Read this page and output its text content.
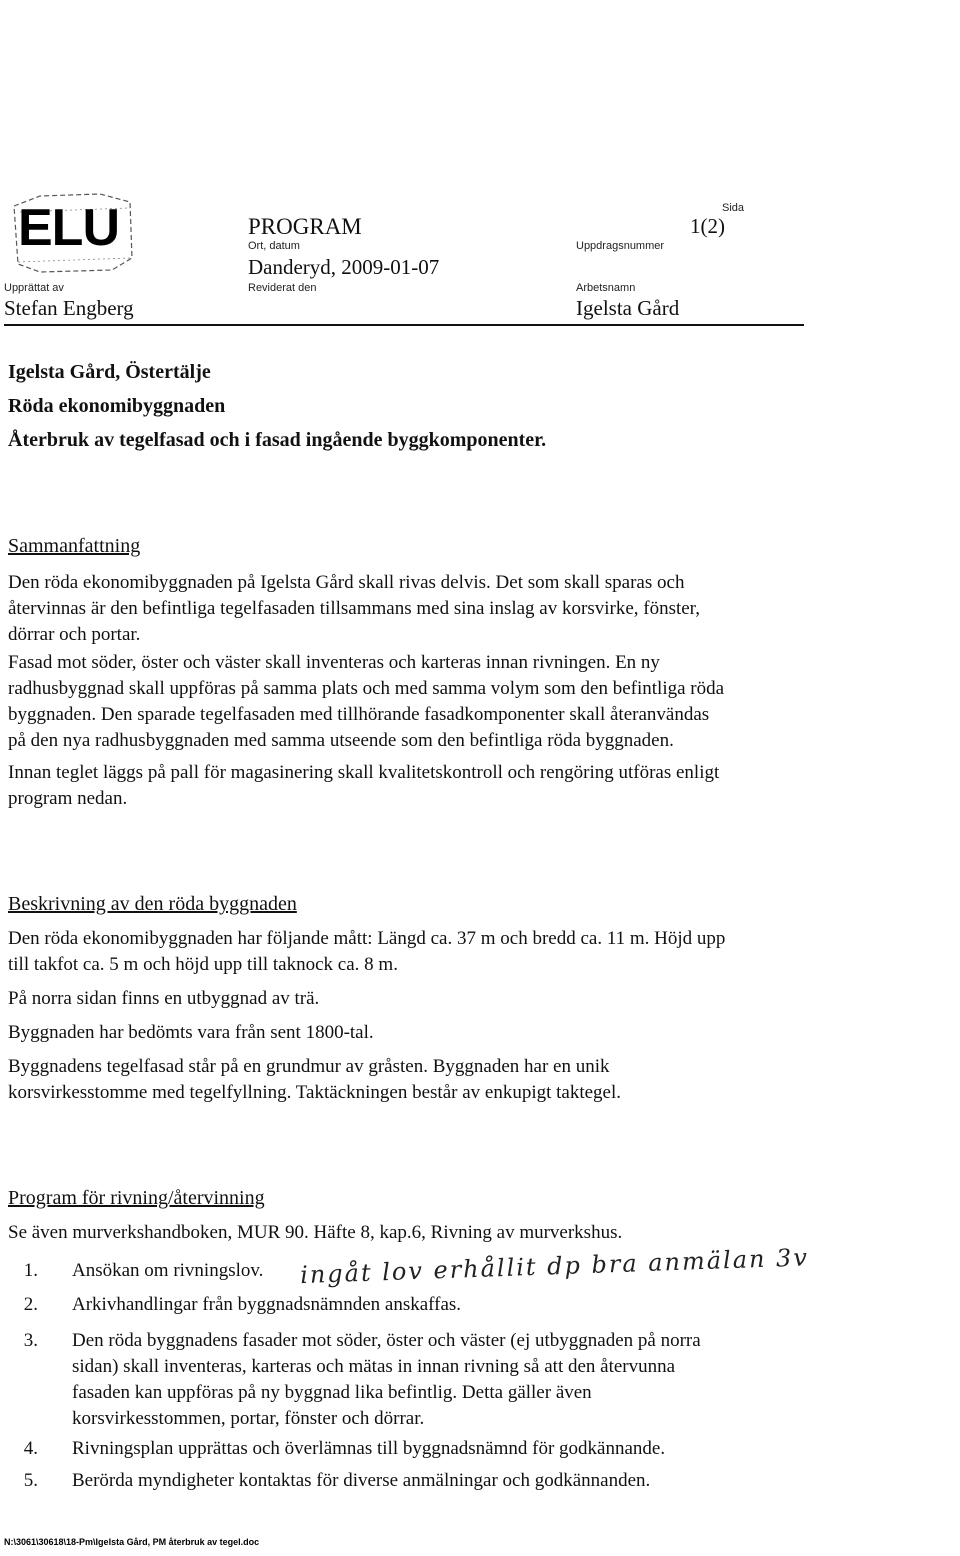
ELU
Upprättat av
Stefan Engberg
PROGRAM
Ort, datum
Danderyd, 2009-01-07
Reviderat den
Sida
1(2)
Uppdragsnummer
Arbetsnamn
Igelsta Gård
Igelsta Gård, Östertälje
Röda ekonomibyggnaden
Återbruk av tegelfasad och i fasad ingående byggkomponenter.
Sammanfattning
Den röda ekonomibyggnaden på Igelsta Gård skall rivas delvis. Det som skall sparas och
återvinnas är den befintliga tegelfasaden tillsammans med sina inslag av korsvirke, fönster,
dörrar och portar.
Fasad mot söder, öster och väster skall inventeras och karteras innan rivningen. En ny
radhusbyggnad skall uppföras på samma plats och med samma volym som den befintliga röda
byggnaden. Den sparade tegelfasaden med tillhörande fasadkomponenter skall återanvändas
på den nya radhusbyggnaden med samma utseende som den befintliga röda byggnaden.
Innan teglet läggs på pall för magasinering skall kvalitetskontroll och rengöring utföras enligt
program nedan.
Beskrivning av den röda byggnaden
Den röda ekonomibyggnaden har följande mått: Längd ca. 37 m och bredd ca. 11 m. Höjd upp
till takfot ca. 5 m och höjd upp till taknock ca. 8 m.
På norra sidan finns en utbyggnad av trä.
Byggnaden har bedömts vara från sent 1800-tal.
Byggnadens tegelfasad står på en grundmur av gråsten. Byggnaden har en unik
korsvirkesstomme med tegelfyllning. Taktäckningen består av enkupigt taktegel.
Program för rivning/återvinning
Se även murverkshandboken, MUR 90. Häfte 8, kap.6, Rivning av murverkshus.
1. Ansökan om rivningslov.
2. Arkivhandlingar från byggnadsnämnden anskaffas.
3. Den röda byggnadens fasader mot söder, öster och väster (ej utbyggnaden på norra
sidan) skall inventeras, karteras och mätas in innan rivning så att den återvunna
fasaden kan uppföras på ny byggnad lika befintlig. Detta gäller även
korsvirkesstommen, portar, fönster och dörrar.
4. Rivningsplan upprättas och överlämnas till byggnadsnämnd för godkännande.
5. Berörda myndigheter kontaktas för diverse anmälningar och godkännanden.
ingåt lov erhållit dp bra anmälan 3v
N:\3061\30618\18-Pm\Igelsta Gård, PM återbruk av tegel.doc
